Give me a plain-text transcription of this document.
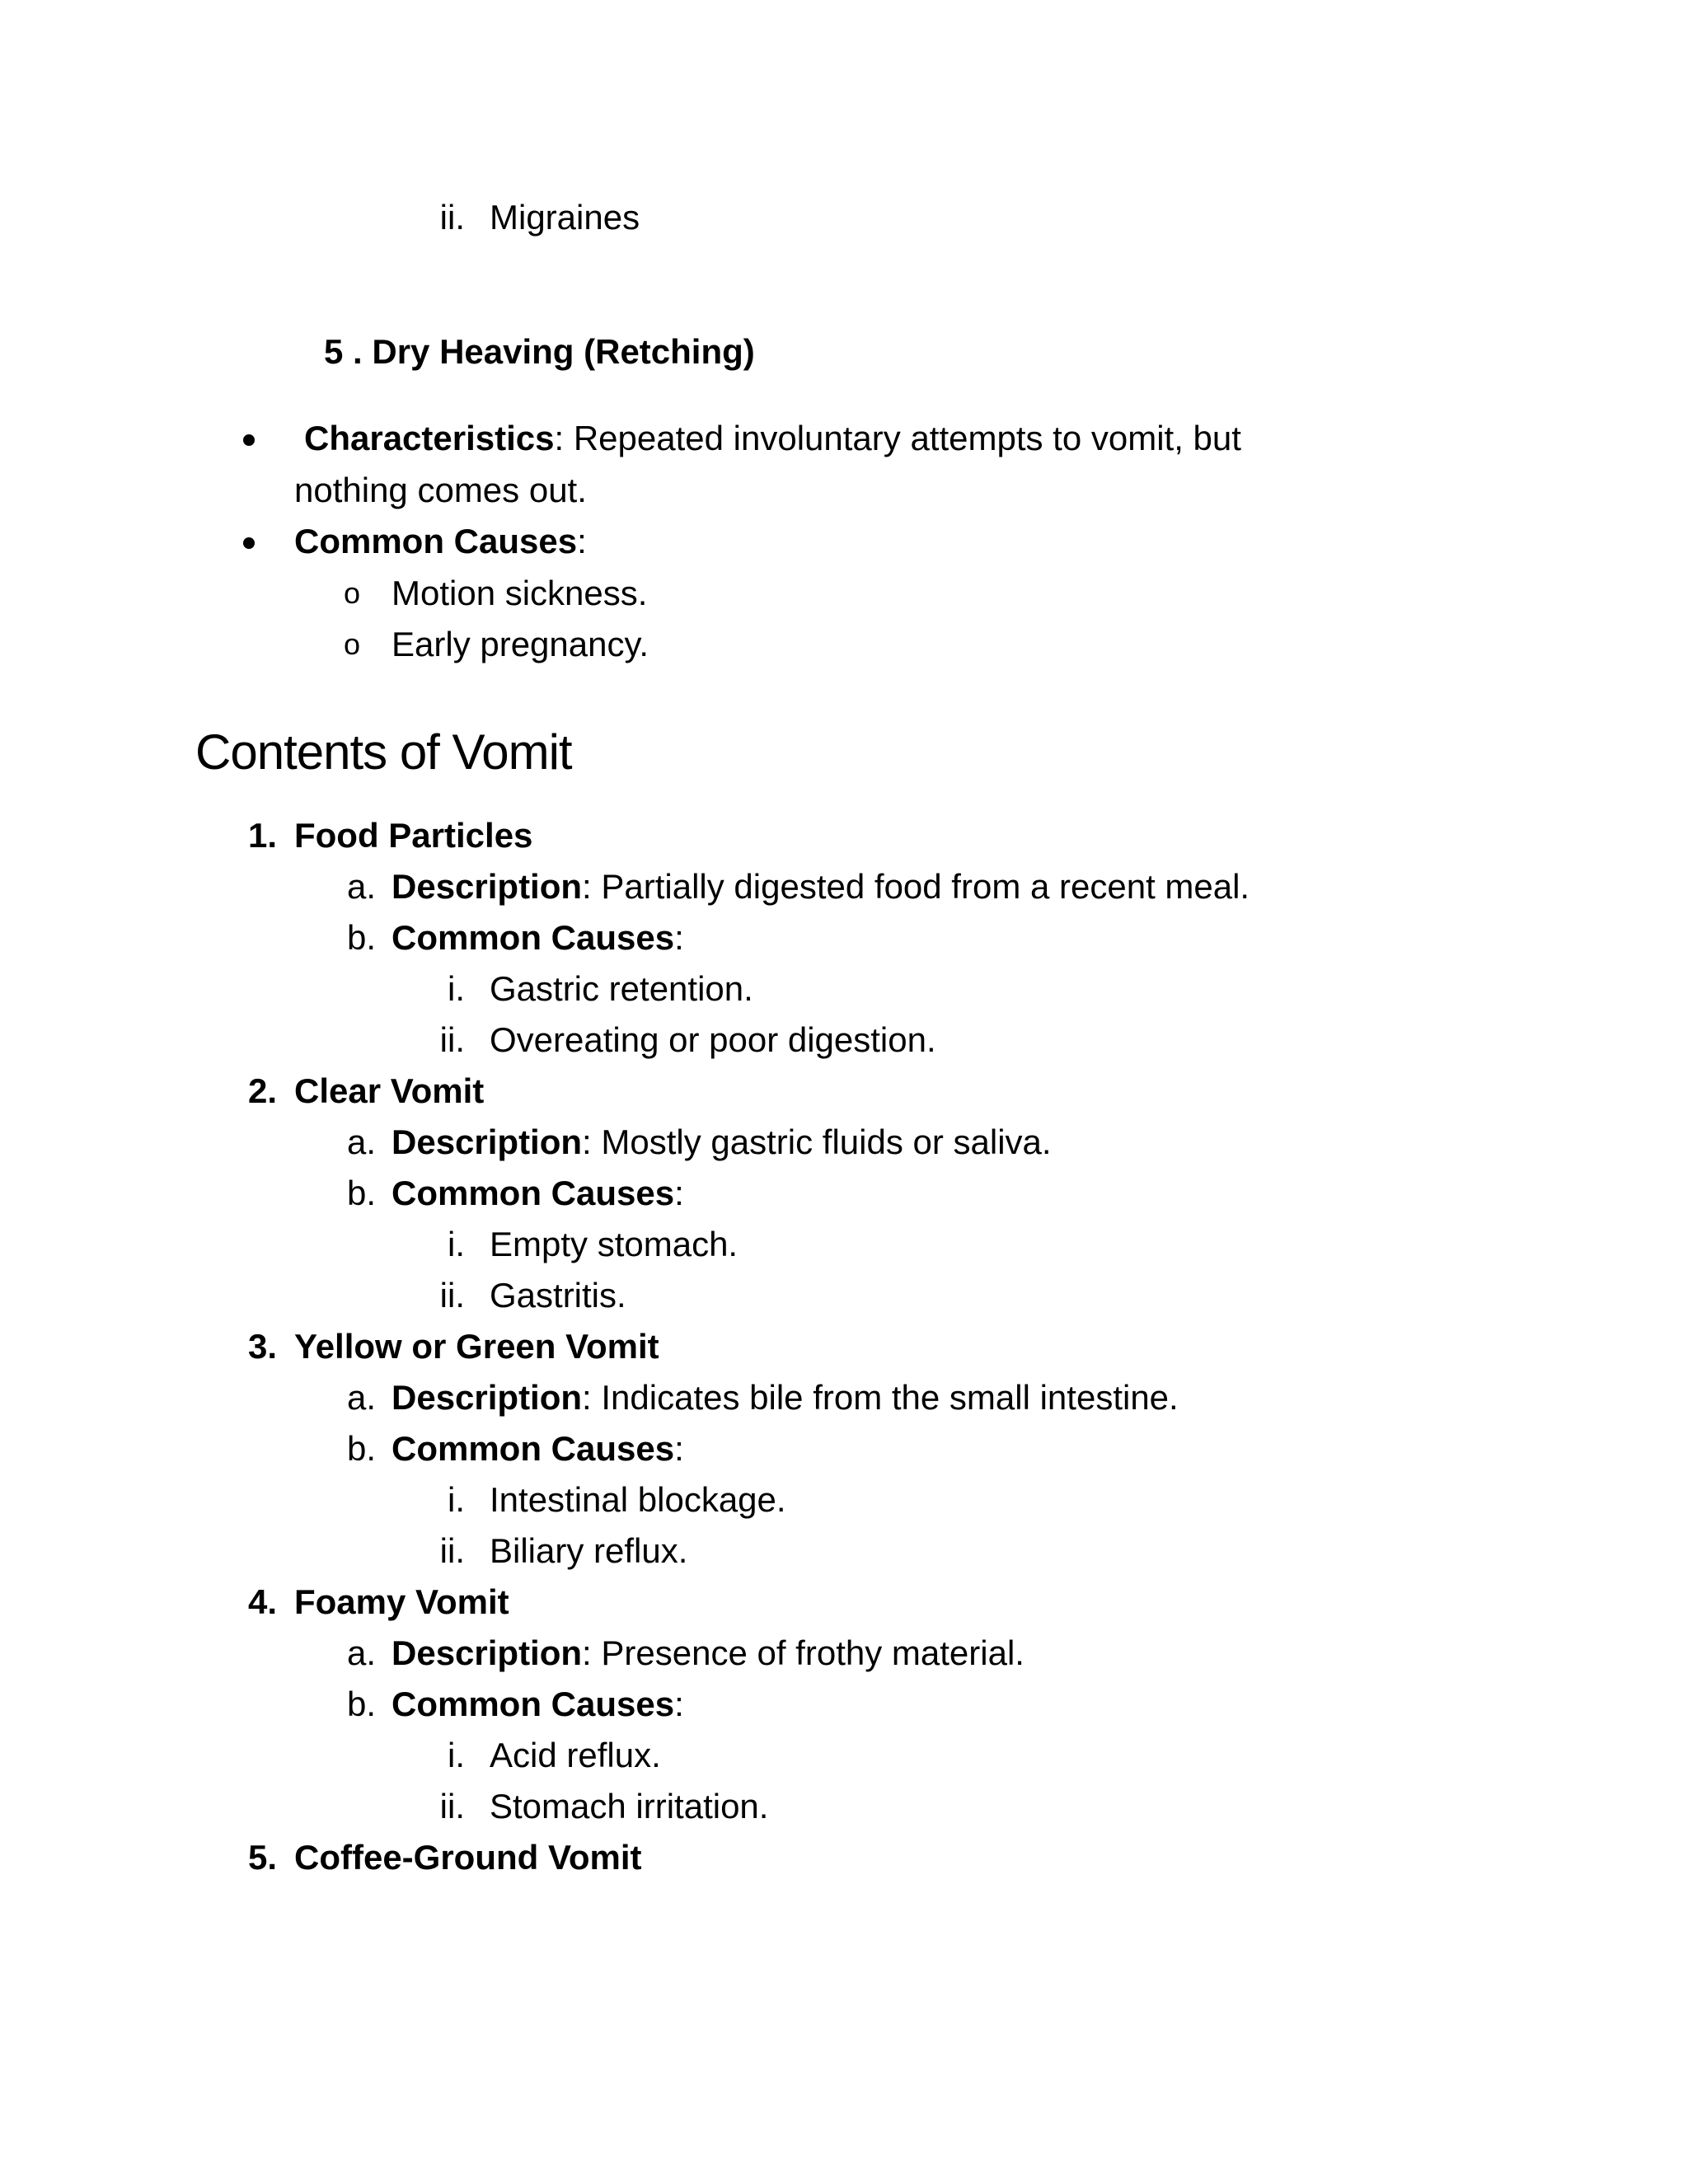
ii. Migraines
5 . Dry Heaving (Retching)
Characteristics: Repeated involuntary attempts to vomit, but
nothing comes out.
Common Causes:
o Motion sickness.
o Early pregnancy.
Contents of Vomit
1. Food Particles
a. Description: Partially digested food from a recent meal.
b. Common Causes:
i. Gastric retention.
ii. Overeating or poor digestion.
2. Clear Vomit
a. Description: Mostly gastric fluids or saliva.
b. Common Causes:
i. Empty stomach.
ii. Gastritis.
3. Yellow or Green Vomit
a. Description: Indicates bile from the small intestine.
b. Common Causes:
i. Intestinal blockage.
ii. Biliary reflux.
4. Foamy Vomit
a. Description: Presence of frothy material.
b. Common Causes:
i. Acid reflux.
ii. Stomach irritation.
5. Coffee-Ground Vomit
